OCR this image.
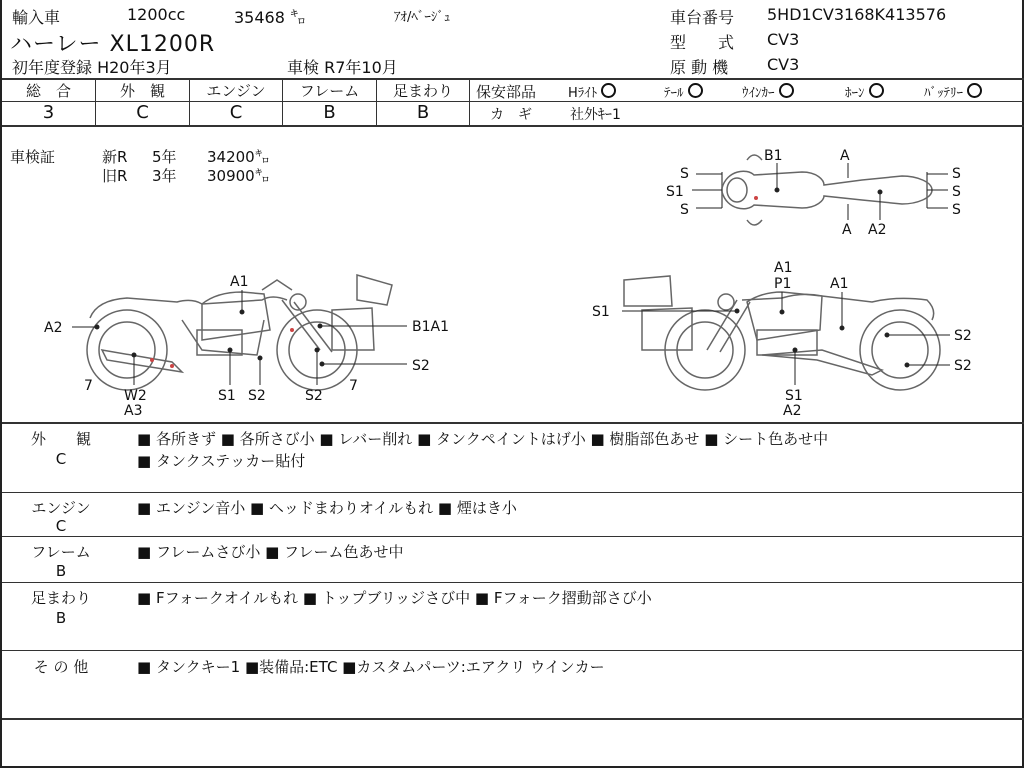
輸入車	1200cc	35468 ㌔	ｱｵ/ﾍﾞｰｼﾞｭ
ハーレー XL1200R
初年度登録 H20年3月	車検 R7年10月
車台番号 5HD1CV3168K413576
型　　式 CV3
原 動 機 CV3
総　合	外　観	エンジン	フレーム	足まわり
3	C	C	B	B
保安部品 Hﾗｲﾄ	ﾃｰﾙ	ｳｲﾝｶｰ	ﾎｰﾝ	ﾊﾞｯﾃﾘｰ
カ　ギ	社外ｷｰ1
車検証	新R 5年 34200㌔
旧R 3年 30900㌔
B1	A
S	S
S1	S
S	S
A A2
A1
A2	B1A1
S2
7
W2
A3
S1 S2	S2
7
A1
P1	A1
S1
S2
S2
S1
A2
外　　観
C
■ 各所きず ■ 各所さび小 ■ レバー削れ ■ タンクペイントはげ小 ■ 樹脂部色あせ ■ シート色あせ中
■ タンクステッカー貼付
エンジン
C
■ エンジン音小 ■ ヘッドまわりオイルもれ ■ 煙はき小
フレーム
B
■ フレームさび小 ■ フレーム色あせ中
足まわり
B
■ Fフォークオイルもれ ■ トップブリッジさび中 ■ Fフォーク摺動部さび小
そ の 他	■ タンクキー1 ■装備品:ETC ■カスタムパーツ:エアクリ ウインカー
